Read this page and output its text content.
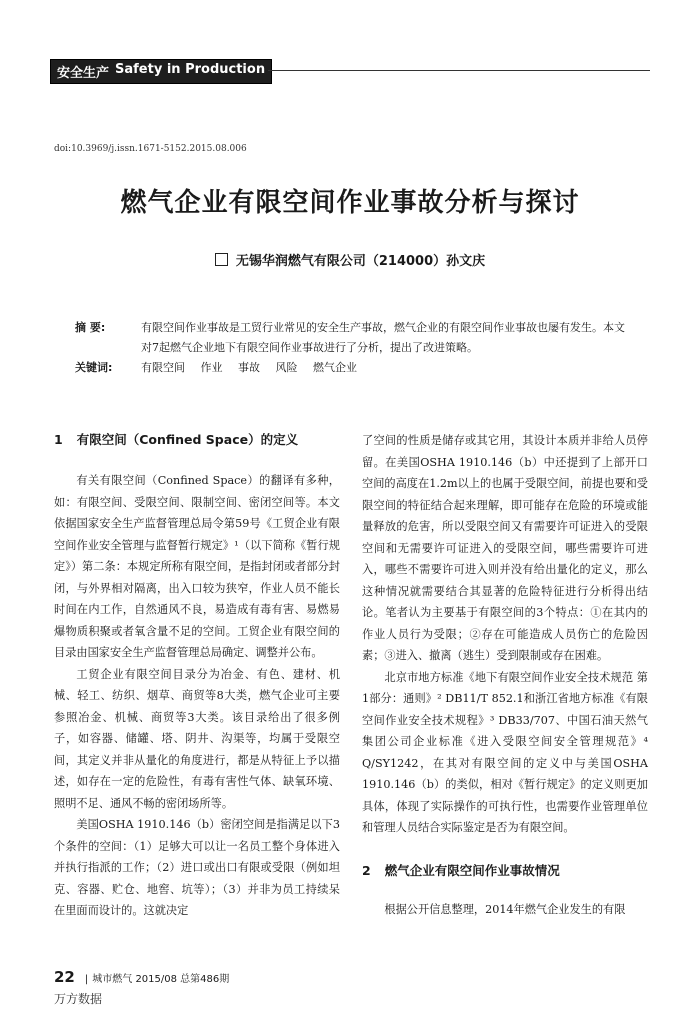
安全生产 Safety in Production
doi:10.3969/j.issn.1671-5152.2015.08.006
燃气企业有限空间作业事故分析与探讨
无锡华润燃气有限公司（214000）孙文庆
摘 要:	有限空间作业事故是工贸行业常见的安全生产事故，燃气企业的有限空间作业事故也屡有发生。本文对7起燃气企业地下有限空间作业事故进行了分析，提出了改进策略。
关键词:	有限空间 作业 事故 风险 燃气企业
1 有限空间（Confined Space）的定义

有关有限空间（Confined Space）的翻译有多种，如：有限空间、受限空间、限制空间、密闭空间等。本文依据国家安全生产监督管理总局令第59号《工贸企业有限空间作业安全管理与监督暂行规定》¹（以下简称《暂行规定》）第二条：本规定所称有限空间，是指封闭或者部分封闭，与外界相对隔离，出入口较为狭窄，作业人员不能长时间在内工作，自然通风不良，易造成有毒有害、易燃易爆物质积聚或者氧含量不足的空间。工贸企业有限空间的目录由国家安全生产监督管理总局确定、调整并公布。

工贸企业有限空间目录分为冶金、有色、建材、机械、轻工、纺织、烟草、商贸等8大类，燃气企业可主要参照冶金、机械、商贸等3大类。该目录给出了很多例子，如容器、储罐、塔、阴井、沟渠等，均属于受限空间，其定义并非从量化的角度进行，都是从特征上予以描述，如存在一定的危险性，有毒有害性气体、缺氧环境、照明不足、通风不畅的密闭场所等。

美国OSHA 1910.146（b）密闭空间是指满足以下3个条件的空间：（1）足够大可以让一名员工整个身体进入并执行指派的工作；（2）进口或出口有限或受限（例如坦克、容器、贮仓、地窖、坑等）；（3）并非为员工持续呆在里面而设计的。这就决定

了空间的性质是储存或其它用，其设计本质并非给人员停留。在美国OSHA 1910.146（b）中还提到了上部开口空间的高度在1.2m以上的也属于受限空间，前提也要和受限空间的特征结合起来理解，即可能存在危险的环境或能量释放的危害，所以受限空间又有需要许可证进入的受限空间和无需要许可证进入的受限空间，哪些需要许可进入，哪些不需要许可进入则并没有给出量化的定义，那么这种情况就需要结合其显著的危险特征进行分析得出结论。笔者认为主要基于有限空间的3个特点：①在其内的作业人员行为受限；②存在可能造成人员伤亡的危险因素；③进入、撤离（逃生）受到限制或存在困难。

北京市地方标准《地下有限空间作业安全技术规范 第1部分：通则》² DB11/T 852.1和浙江省地方标准《有限空间作业安全技术规程》³ DB33/707、中国石油天然气集团公司企业标准《进入受限空间安全管理规范》⁴ Q/SY1242，在其对有限空间的定义中与美国OSHA 1910.146（b）的类似，相对《暂行规定》的定义则更加具体，体现了实际操作的可执行性，也需要作业管理单位和管理人员结合实际鉴定是否为有限空间。

2 燃气企业有限空间作业事故情况

根据公开信息整理，2014年燃气企业发生的有限

22 | 城市燃气 2015/08 总第486期
万方数据
